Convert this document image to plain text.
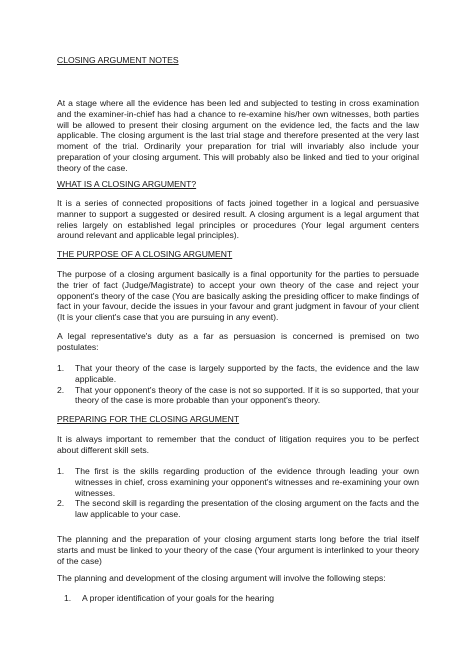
CLOSING ARGUMENT NOTES

At a stage where all the evidence has been led and subjected to testing in cross examination and the examiner-in-chief has had a chance to re-examine his/her own witnesses, both parties will be allowed to present their closing argument on the evidence led, the facts and the law applicable. The closing argument is the last trial stage and therefore presented at the very last moment of the trial. Ordinarily your preparation for trial will invariably also include your preparation of your closing argument. This will probably also be linked and tied to your original theory of the case.

WHAT IS A CLOSING ARGUMENT?

It is a series of connected propositions of facts joined together in a logical and persuasive manner to support a suggested or desired result. A closing argument is a legal argument that relies largely on established legal principles or procedures (Your legal argument centers around relevant and applicable legal principles).

THE PURPOSE OF A CLOSING ARGUMENT

The purpose of a closing argument basically is a final opportunity for the parties to persuade the trier of fact (Judge/Magistrate) to accept your own theory of the case and reject your opponent's theory of the case (You are basically asking the presiding officer to make findings of fact in your favour, decide the issues in your favour and grant judgment in favour of your client (It is your client's case that you are pursuing in any event).

A legal representative's duty as a far as persuasion is concerned is premised on two postulates:

1. That your theory of the case is largely supported by the facts, the evidence and the law applicable.
2. That your opponent's theory of the case is not so supported. If it is so supported, that your theory of the case is more probable than your opponent's theory.

PREPARING FOR THE CLOSING ARGUMENT

It is always important to remember that the conduct of litigation requires you to be perfect about different skill sets.

1. The first is the skills regarding production of the evidence through leading your own witnesses in chief, cross examining your opponent's witnesses and re-examining your own witnesses.
2. The second skill is regarding the presentation of the closing argument on the facts and the law applicable to your case.

The planning and the preparation of your closing argument starts long before the trial itself starts and must be linked to your theory of the case (Your argument is interlinked to your theory of the case)

The planning and development of the closing argument will involve the following steps:

1. A proper identification of your goals for the hearing
